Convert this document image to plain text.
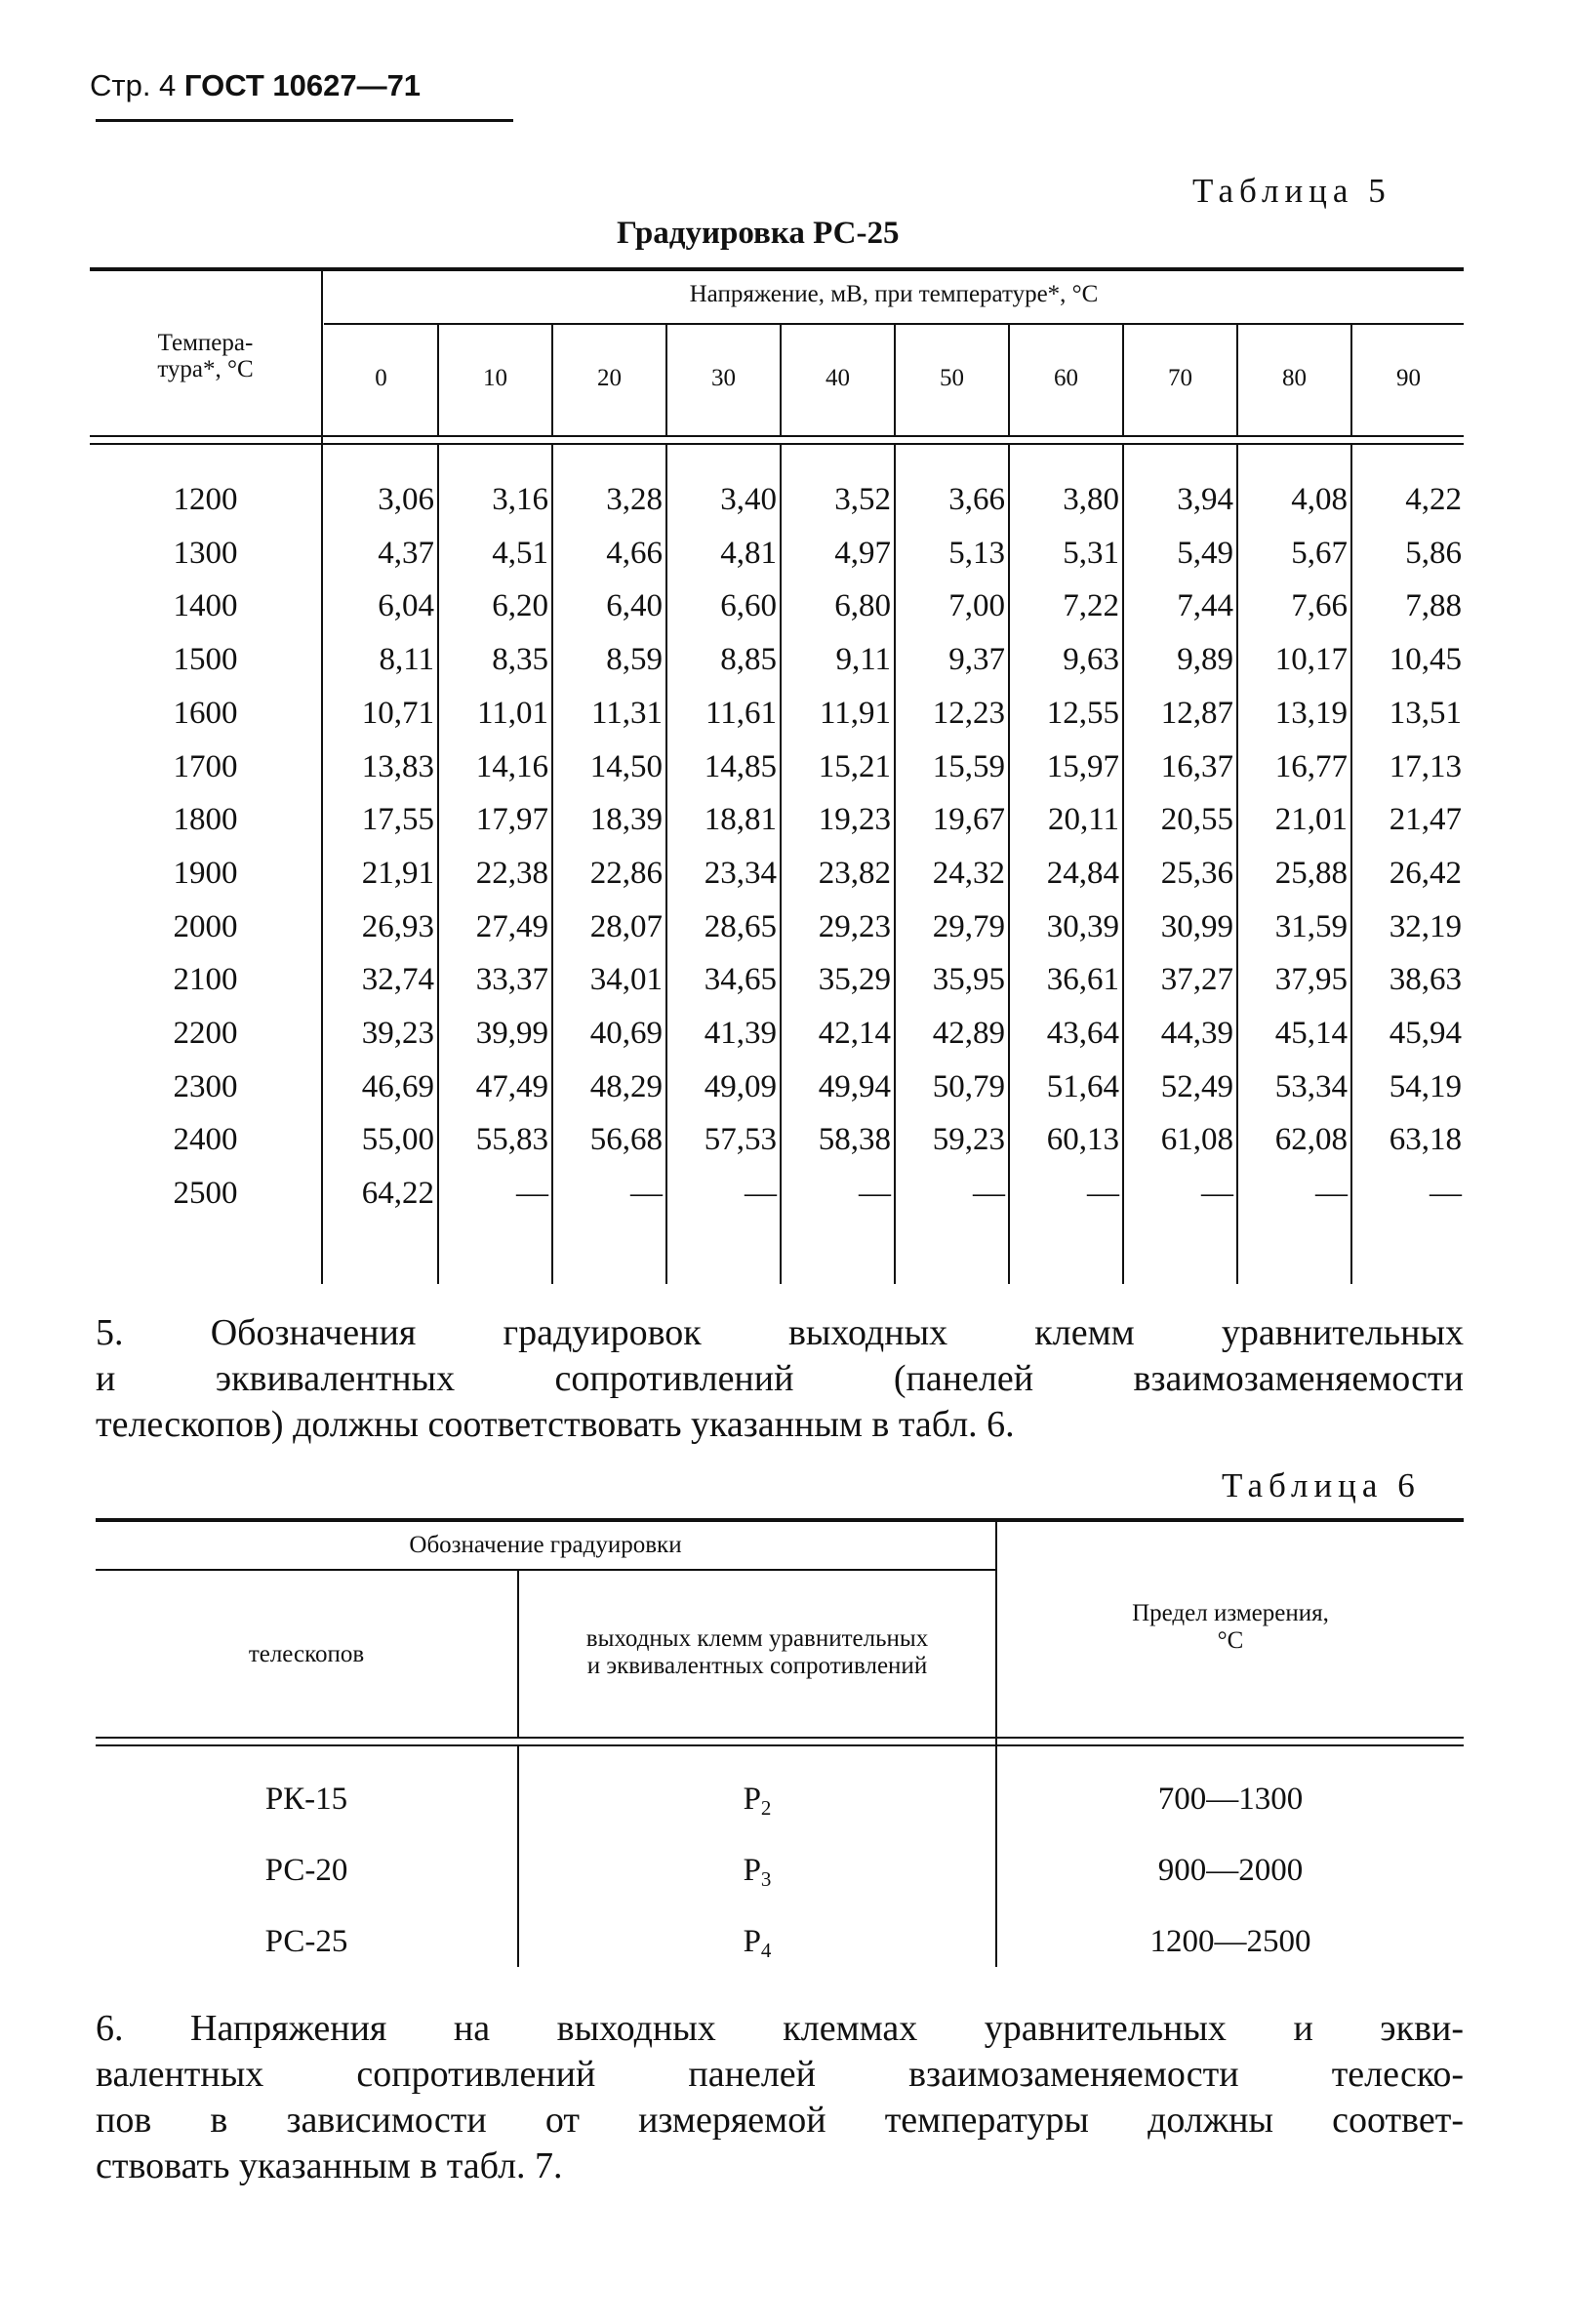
Стр. 4 ГОСТ 10627—71
Таблица 5
Градуировка РС-25
Темпера-
тура*, °С
Напряжение, мВ, при температуре*, °С
0	10	20	30	40	50	60	70	80	90
1200	3,06	3,16	3,28	3,40	3,52	3,66	3,80	3,94	4,08	4,22
1300	4,37	4,51	4,66	4,81	4,97	5,13	5,31	5,49	5,67	5,86
1400	6,04	6,20	6,40	6,60	6,80	7,00	7,22	7,44	7,66	7,88
1500	8,11	8,35	8,59	8,85	9,11	9,37	9,63	9,89	10,17	10,45
1600	10,71	11,01	11,31	11,61	11,91	12,23	12,55	12,87	13,19	13,51
1700	13,83	14,16	14,50	14,85	15,21	15,59	15,97	16,37	16,77	17,13
1800	17,55	17,97	18,39	18,81	19,23	19,67	20,11	20,55	21,01	21,47
1900	21,91	22,38	22,86	23,34	23,82	24,32	24,84	25,36	25,88	26,42
2000	26,93	27,49	28,07	28,65	29,23	29,79	30,39	30,99	31,59	32,19
2100	32,74	33,37	34,01	34,65	35,29	35,95	36,61	37,27	37,95	38,63
2200	39,23	39,99	40,69	41,39	42,14	42,89	43,64	44,39	45,14	45,94
2300	46,69	47,49	48,29	49,09	49,94	50,79	51,64	52,49	53,34	54,19
2400	55,00	55,83	56,68	57,53	58,38	59,23	60,13	61,08	62,08	63,18
2500	64,22	—	—	—	—	—	—	—	—	—
5. Обозначения градуировок выходных клемм уравнительных
и эквивалентных сопротивлений (панелей взаимозаменяемости
телескопов) должны соответствовать указанным в табл. 6.
Таблица 6
Обозначение градуировки
телескопов
выходных клемм уравнительных
и эквивалентных сопротивлений
Предел измерения,
°С
РК-15	$Р_2$	700—1300
РС-20	$Р_3$	900—2000
РС-25	$Р_4$	1200—2500
6. Напряжения на выходных клеммах уравнительных и экви-
валентных сопротивлений панелей взаимозаменяемости телеско-
пов в зависимости от измеряемой температуры должны соответ-
ствовать указанным в табл. 7.
